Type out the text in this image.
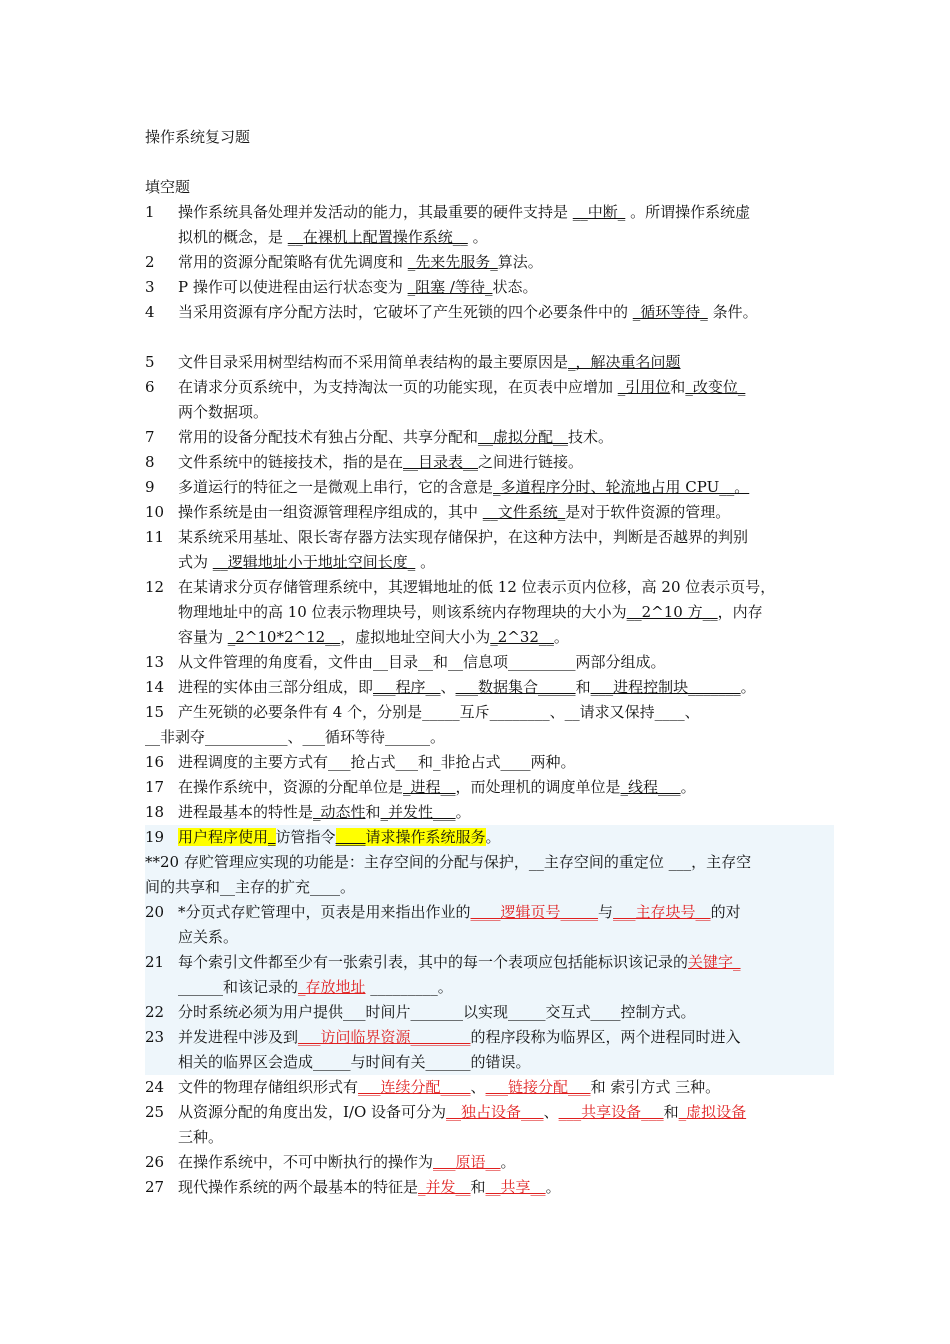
操作系统复习题
填空题
1	操作系统具备处理并发活动的能力，其最重要的硬件支持是 __中断_ 。所谓操作系统虚
拟机的概念，是 __在裸机上配置操作系统__ 。
2	常用的资源分配策略有优先调度和 _先来先服务_算法。
3	P 操作可以使进程由运行状态变为 _阻塞 /等待_状态。
4	当采用资源有序分配方法时，它破坏了产生死锁的四个必要条件中的 _循环等待_ 条件。
5	文件目录采用树型结构而不采用简单表结构的最主要原因是_，解决重名问题
6	在请求分页系统中，为支持淘汰一页的功能实现，在页表中应增加 _引用位和_改变位_
两个数据项。
7	常用的设备分配技术有独占分配、共享分配和__虚拟分配__技术。
8	文件系统中的链接技术，指的是在__目录表__之间进行链接。
9	多道运行的特征之一是微观上串行，它的含意是_多道程序分时、轮流地占用 CPU__。
10 操作系统是由一组资源管理程序组成的，其中 __文件系统_是对于软件资源的管理。
11 某系统采用基址、限长寄存器方法实现存储保护，在这种方法中，判断是否越界的判别
式为 __逻辑地址小于地址空间长度_ 。
12 在某请求分页存储管理系统中，其逻辑地址的低 12 位表示页内位移，高 20 位表示页号，
物理地址中的高 10 位表示物理块号，则该系统内存物理块的大小为__2^10 方__，内存
容量为 _2^10*2^12__，虚拟地址空间大小为_2^32__。
13 从文件管理的角度看，文件由__目录__和__信息项_________两部分组成。
14 进程的实体由三部分组成，即___程序__、___数据集合_____和___进程控制块_______。
15 产生死锁的必要条件有 4 个，分别是_____互斥________、__请求又保持____、
__非剥夺___________、___循环等待______。
16 进程调度的主要方式有___抢占式___和_非抢占式____两种。
17 在操作系统中，资源的分配单位是_进程__，而处理机的调度单位是_线程___。
18 进程最基本的特性是_动态性和_并发性___。
19 用户程序使用_访管指令____请求操作系统服务。
**20 存贮管理应实现的功能是：主存空间的分配与保护，__主存空间的重定位 ___，主存空
间的共享和__主存的扩充____。
20 *分页式存贮管理中，页表是用来指出作业的____逻辑页号_____与___主存块号__的对
应关系。
21 每个索引文件都至少有一张索引表，其中的每一个表项应包括能标识该记录的关键字_
______和该记录的_存放地址 _________。
22 分时系统必须为用户提供___时间片_______以实现_____交互式____控制方式。
23 并发进程中涉及到___访问临界资源________的程序段称为临界区，两个进程同时进入
相关的临界区会造成_____与时间有关______的错误。
24 文件的物理存储组织形式有___连续分配____、___链接分配___和 索引方式 三种。
25 从资源分配的角度出发，I/O 设备可分为__独占设备___、___共享设备___和_虚拟设备
三种。
26 在操作系统中，不可中断执行的操作为___原语__。
27 现代操作系统的两个最基本的特征是_并发__和__共享__。
